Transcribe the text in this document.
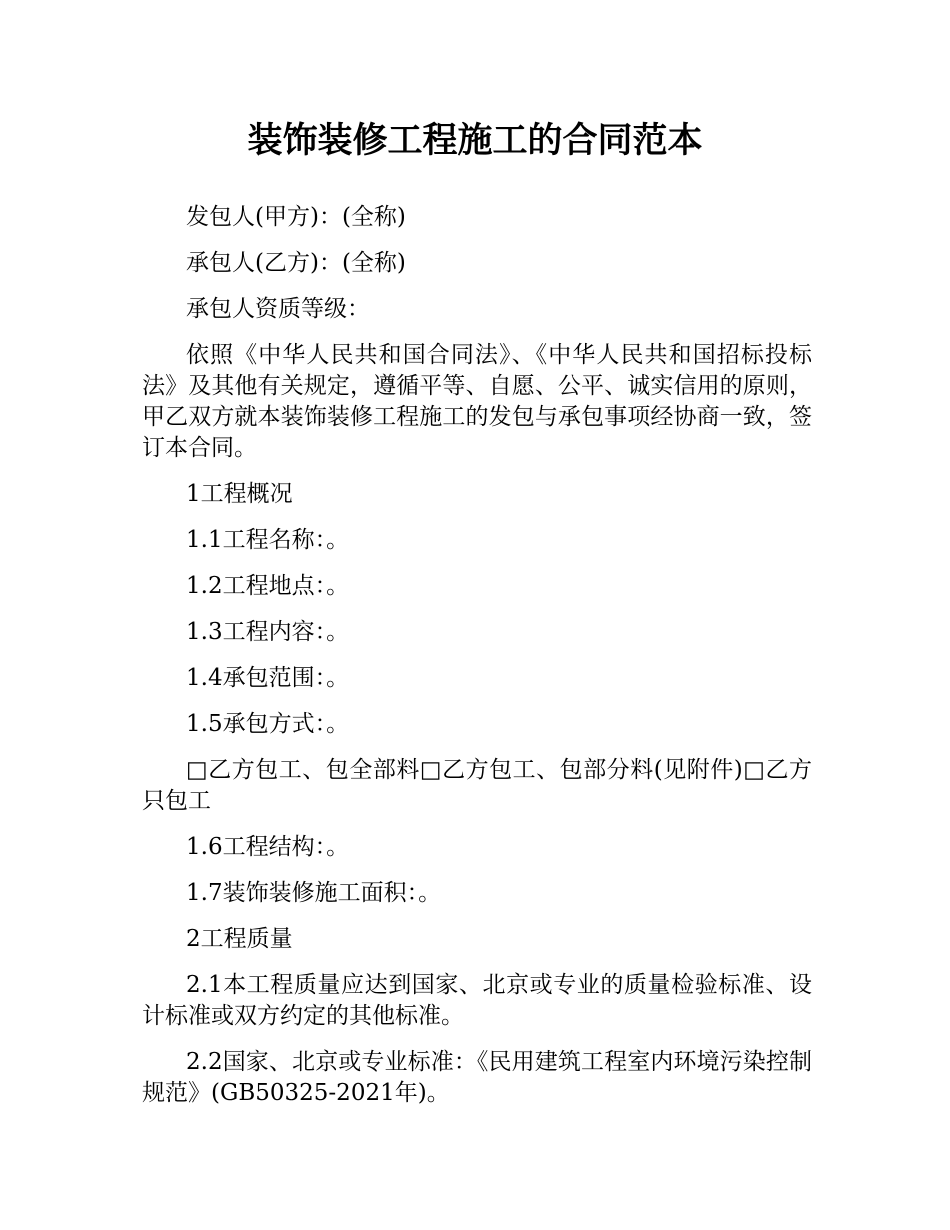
装饰装修工程施工的合同范本

发包人(甲方)：(全称)

承包人(乙方)：(全称)

承包人资质等级：

依照《中华人民共和国合同法》、《中华人民共和国招标投标法》及其他有关规定，遵循平等、自愿、公平、诚实信用的原则，甲乙双方就本装饰装修工程施工的发包与承包事项经协商一致，签订本合同。

1工程概况

1.1工程名称：。

1.2工程地点：。

1.3工程内容：。

1.4承包范围：。

1.5承包方式：。

□乙方包工、包全部料□乙方包工、包部分料(见附件)□乙方只包工

1.6工程结构：。

1.7装饰装修施工面积：。

2工程质量

2.1本工程质量应达到国家、北京或专业的质量检验标准、设计标准或双方约定的其他标准。

2.2国家、北京或专业标准：《民用建筑工程室内环境污染控制规范》(GB50325-2021年)。
